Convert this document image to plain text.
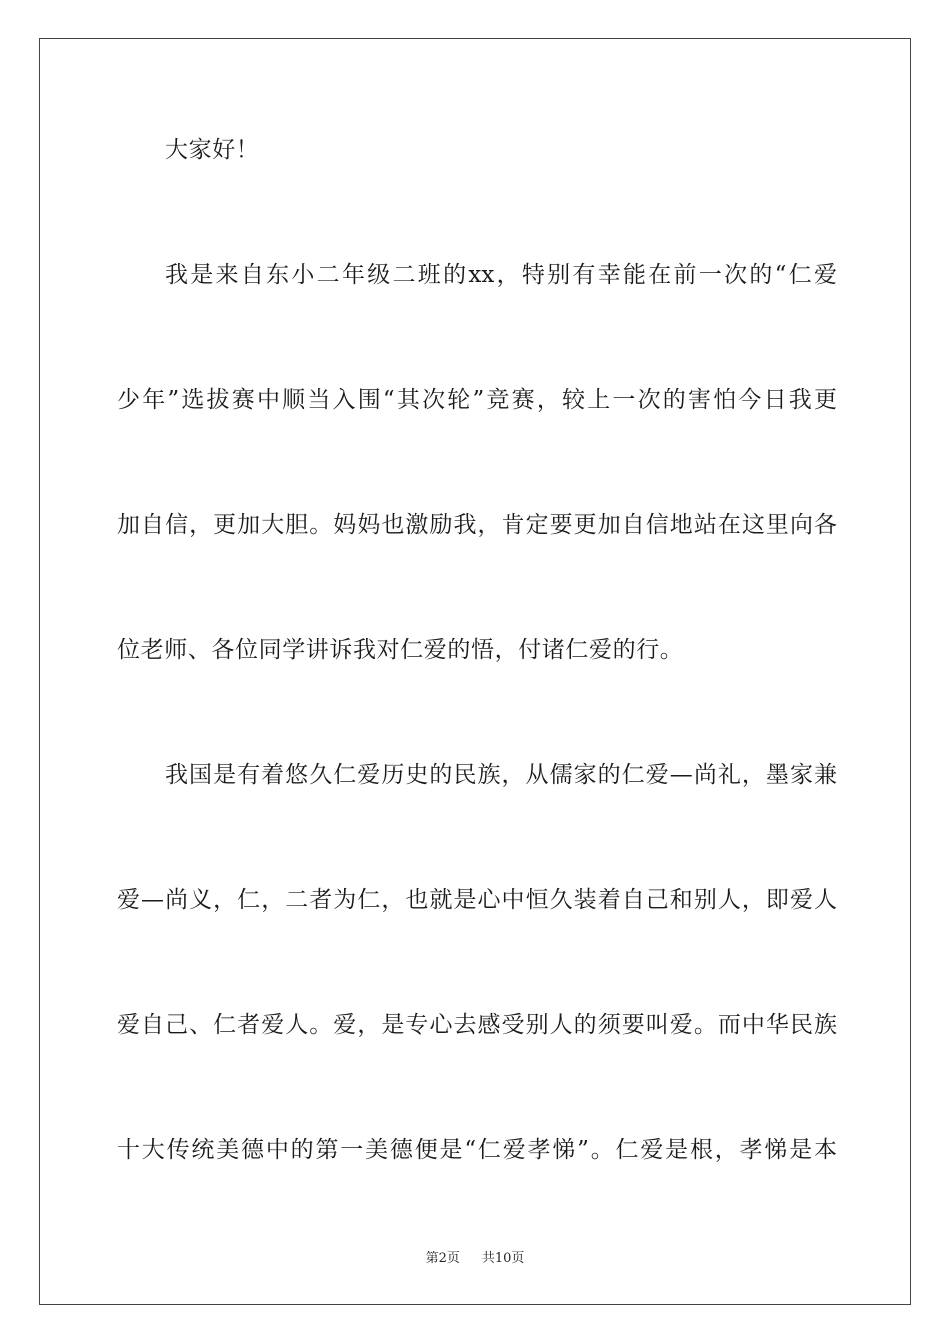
大家好！
我是来自东小二年级二班的xx，特别有幸能在前一次的“仁爱
少年”选拔赛中顺当入围“其次轮”竞赛，较上一次的害怕今日我更
加自信，更加大胆。妈妈也激励我，肯定要更加自信地站在这里向各
位老师、各位同学讲诉我对仁爱的悟，付诸仁爱的行。
我国是有着悠久仁爱历史的民族，从儒家的仁爱—尚礼，墨家兼
爱—尚义，仁，二者为仁，也就是心中恒久装着自己和别人，即爱人
爱自己、仁者爱人。爱，是专心去感受别人的须要叫爱。而中华民族
十大传统美德中的第一美德便是“仁爱孝悌”。仁爱是根，孝悌是本
第2页 共10页
